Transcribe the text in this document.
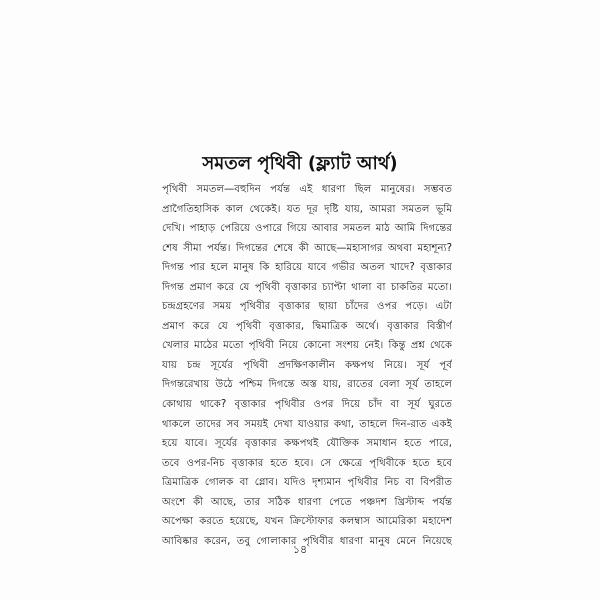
সমতল পৃথিবী (ফ্ল্যাট আর্থ)
পৃথিবী সমতল—বহুদিন পর্যন্ত এই ধারণা ছিল মানুষের। সম্ভবত
প্রাগৈতিহাসিক কাল থেকেই। যত দূর দৃষ্টি যায়, আমরা সমতল ভূমি
দেখি। পাহাড় পেরিয়ে ওপারে গিয়ে আবার সমতল মাঠ আমি দিগন্তের
শেষ সীমা পর্যন্ত। দিগন্তের শেষে কী আছে—মহাসাগর অথবা মহাশূন্য?
দিগন্ত পার হলে মানুষ কি হারিয়ে যাবে গভীর অতল খাদে? বৃত্তাকার
দিগন্ত প্রমাণ করে যে পৃথিবী বৃত্তাকার চ্যাপ্টা থালা বা চাকতির মতো।
চন্দ্রগ্রহণের সময় পৃথিবীর বৃত্তাকার ছায়া চাঁদের ওপর পড়ে। এটা
প্রমাণ করে যে পৃথিবী বৃত্তাকার, দ্বিমাত্রিক অর্থে। বৃত্তাকার বিস্তীর্ণ
খেলার মাঠের মতো পৃথিবী নিয়ে কোনো সংশয় নেই। কিন্তু প্রশ্ন থেকে
যায় চন্দ্র সূর্যের পৃথিবী প্রদক্ষিণকালীন কক্ষপথ নিয়ে। সূর্য পূর্ব
দিগন্তরেখায় উঠে পশ্চিম দিগন্তে অস্ত যায়, রাতের বেলা সূর্য তাহলে
কোথায় থাকে? বৃত্তাকার পৃথিবীর ওপর দিয়ে চাঁদ বা সূর্য ঘুরতে
থাকলে তাদের সব সময়ই দেখা যাওয়ার কথা, তাহলে দিন-রাত একই
হয়ে যাবে। সূর্যের বৃত্তাকার কক্ষপথই যৌক্তিক সমাধান হতে পারে,
তবে ওপর-নিচ বৃত্তাকার হতে হবে। সে ক্ষেত্রে পৃথিবীকে হতে হবে
ত্রিমাত্রিক গোলক বা গ্লোব। যদিও দৃশ্যমান পৃথিবীর নিচ বা বিপরীত
অংশে কী আছে, তার সঠিক ধারণা পেতে পঞ্চদশ খ্রিস্টাব্দ পর্যন্ত
অপেক্ষা করতে হয়েছে, যখন ক্রিস্টোফার কলম্বাস আমেরিকা মহাদেশ
আবিষ্কার করেন, তবু গোলাকার পৃথিবীর ধারণা মানুষ মেনে নিয়েছে
১৪
